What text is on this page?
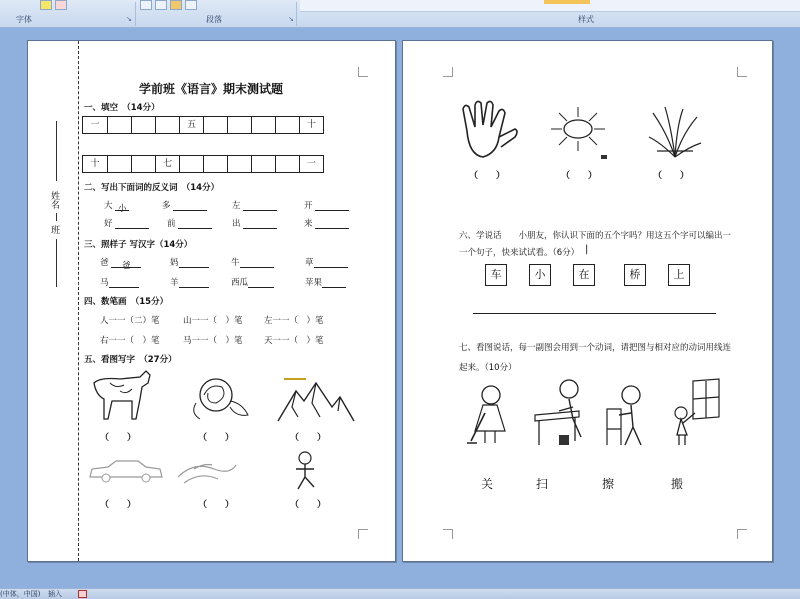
字体	↘	段落	↘	样式
姓名
班
学前班《语言》期末测试题
一、填空　（14分）
一	五	十
十	七	一
二、写出下面词的反义词　（14分）
大 小	多	左	开
好	前	出	来
三、照样子 写汉字（14分）
爸 爸	妈	牛	草
马	羊	西瓜	苹果
四、数笔画　（15分）
人一一（二）笔	山一一（　）笔	左一一（　）笔
右一一（　）笔	马一一（　）笔	天一一（　）笔
五、看图写字　（27分）
（　　）	（　　）	（　　）
（　　）	（　　）	（　　）
（　　）	（　　）	（　　）
六、学说话　　小朋友，你认识下面的五个字吗？用这五个字可以编出一
一个句子，快来试试看。（6分） |
车	小	在	桥	上
七、看图说话，每一副图会用到一个动词，请把图与相对应的动词用线连
起来。（10分）
关	扫	擦	搬
(中体，中国) 插入
